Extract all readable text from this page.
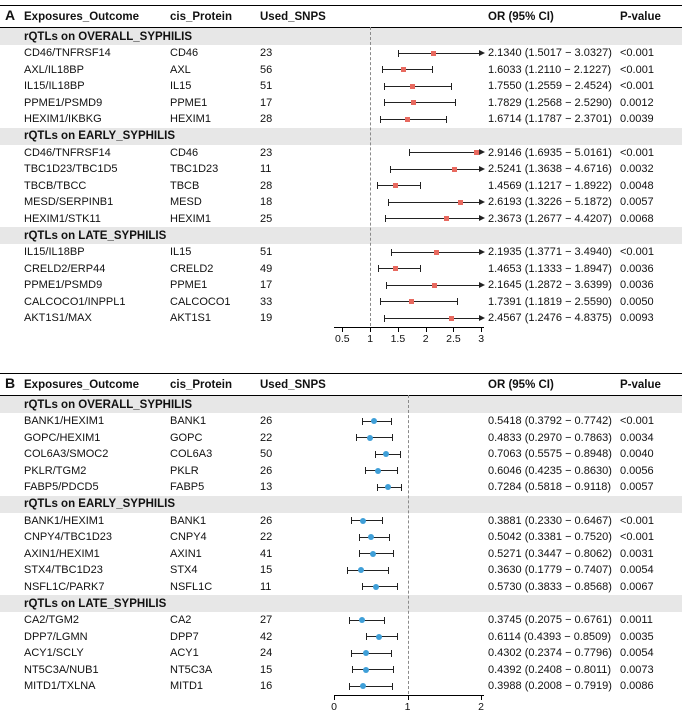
A Exposures_Outcome	cis_Protein	Used_SNPS	OR (95% CI)	P-value
rQTLs on OVERALL_SYPHILIS
CD46/TNFRSF14	CD46	23	2.1340 (1.5017 − 3.0327) <0.001
AXL/IL18BP	AXL	56	1.6033 (1.2110 − 2.1227) <0.001
IL15/IL18BP	IL15	51	1.7550 (1.2559 − 2.4524) <0.001
PPME1/PSMD9	PPME1	17	1.7829 (1.2568 − 2.5290) 0.0012
HEXIM1/IKBKG	HEXIM1	28	1.6714 (1.1787 − 2.3701) 0.0039
rQTLs on EARLY_SYPHILIS
CD46/TNFRSF14	CD46	23	2.9146 (1.6935 − 5.0161) <0.001
TBC1D23/TBC1D5	TBC1D23	11	2.5241 (1.3638 − 4.6716) 0.0032
TBCB/TBCC	TBCB	28	1.4569 (1.1217 − 1.8922) 0.0048
MESD/SERPINB1	MESD	18	2.6193 (1.3226 − 5.1872) 0.0057
HEXIM1/STK11	HEXIM1	25	2.3673 (1.2677 − 4.4207) 0.0068
rQTLs on LATE_SYPHILIS
IL15/IL18BP	IL15	51	2.1935 (1.3771 − 3.4940) <0.001
CRELD2/ERP44	CRELD2	49	1.4653 (1.1333 − 1.8947) 0.0036
PPME1/PSMD9	PPME1	17	2.1645 (1.2872 − 3.6399) 0.0036
CALCOCO1/INPPL1	CALCOCO1	33	1.7391 (1.1819 − 2.5590) 0.0050
AKT1S1/MAX	AKT1S1	19	2.4567 (1.2476 − 4.8375) 0.0093
0.5 1 1.5 2 2.5 3
B Exposures_Outcome	cis_Protein	Used_SNPS	OR (95% CI)	P-value
rQTLs on OVERALL_SYPHILIS
BANK1/HEXIM1	BANK1	26	0.5418 (0.3792 − 0.7742) <0.001
GOPC/HEXIM1	GOPC	22	0.4833 (0.2970 − 0.7863) 0.0034
COL6A3/SMOC2	COL6A3	50	0.7063 (0.5575 − 0.8948) 0.0040
PKLR/TGM2	PKLR	26	0.6046 (0.4235 − 0.8630) 0.0056
FABP5/PDCD5	FABP5	13	0.7284 (0.5818 − 0.9118) 0.0057
rQTLs on EARLY_SYPHILIS
BANK1/HEXIM1	BANK1	26	0.3881 (0.2330 − 0.6467) <0.001
CNPY4/TBC1D23	CNPY4	22	0.5042 (0.3381 − 0.7520) <0.001
AXIN1/HEXIM1	AXIN1	41	0.5271 (0.3447 − 0.8062) 0.0031
STX4/TBC1D23	STX4	15	0.3630 (0.1779 − 0.7407) 0.0054
NSFL1C/PARK7	NSFL1C	11	0.5730 (0.3833 − 0.8568) 0.0067
rQTLs on LATE_SYPHILIS
CA2/TGM2	CA2	27	0.3745 (0.2075 − 0.6761) 0.0011
DPP7/LGMN	DPP7	42	0.6114 (0.4393 − 0.8509) 0.0035
ACY1/SCLY	ACY1	24	0.4302 (0.2374 − 0.7796) 0.0054
NT5C3A/NUB1	NT5C3A	15	0.4392 (0.2408 − 0.8011) 0.0073
MITD1/TXLNA	MITD1	16	0.3988 (0.2008 − 0.7919) 0.0086
0	1	2
